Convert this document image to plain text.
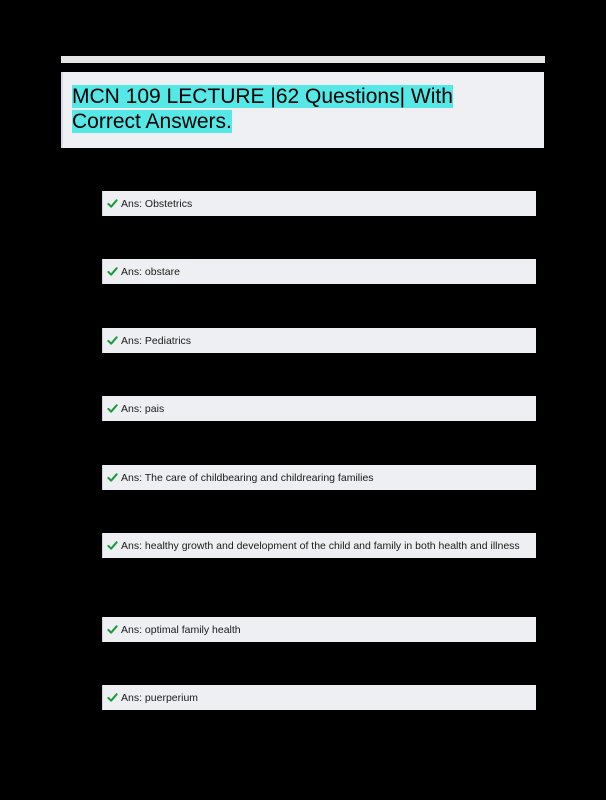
MCN 109 LECTURE |62 Questions| With Correct Answers.
Ans: Obstetrics
Ans: obstare
Ans: Pediatrics
Ans: pais
Ans: The care of childbearing and childrearing families
Ans: healthy growth and development of the child and family in both health and illness
Ans: optimal family health
Ans: puerperium
